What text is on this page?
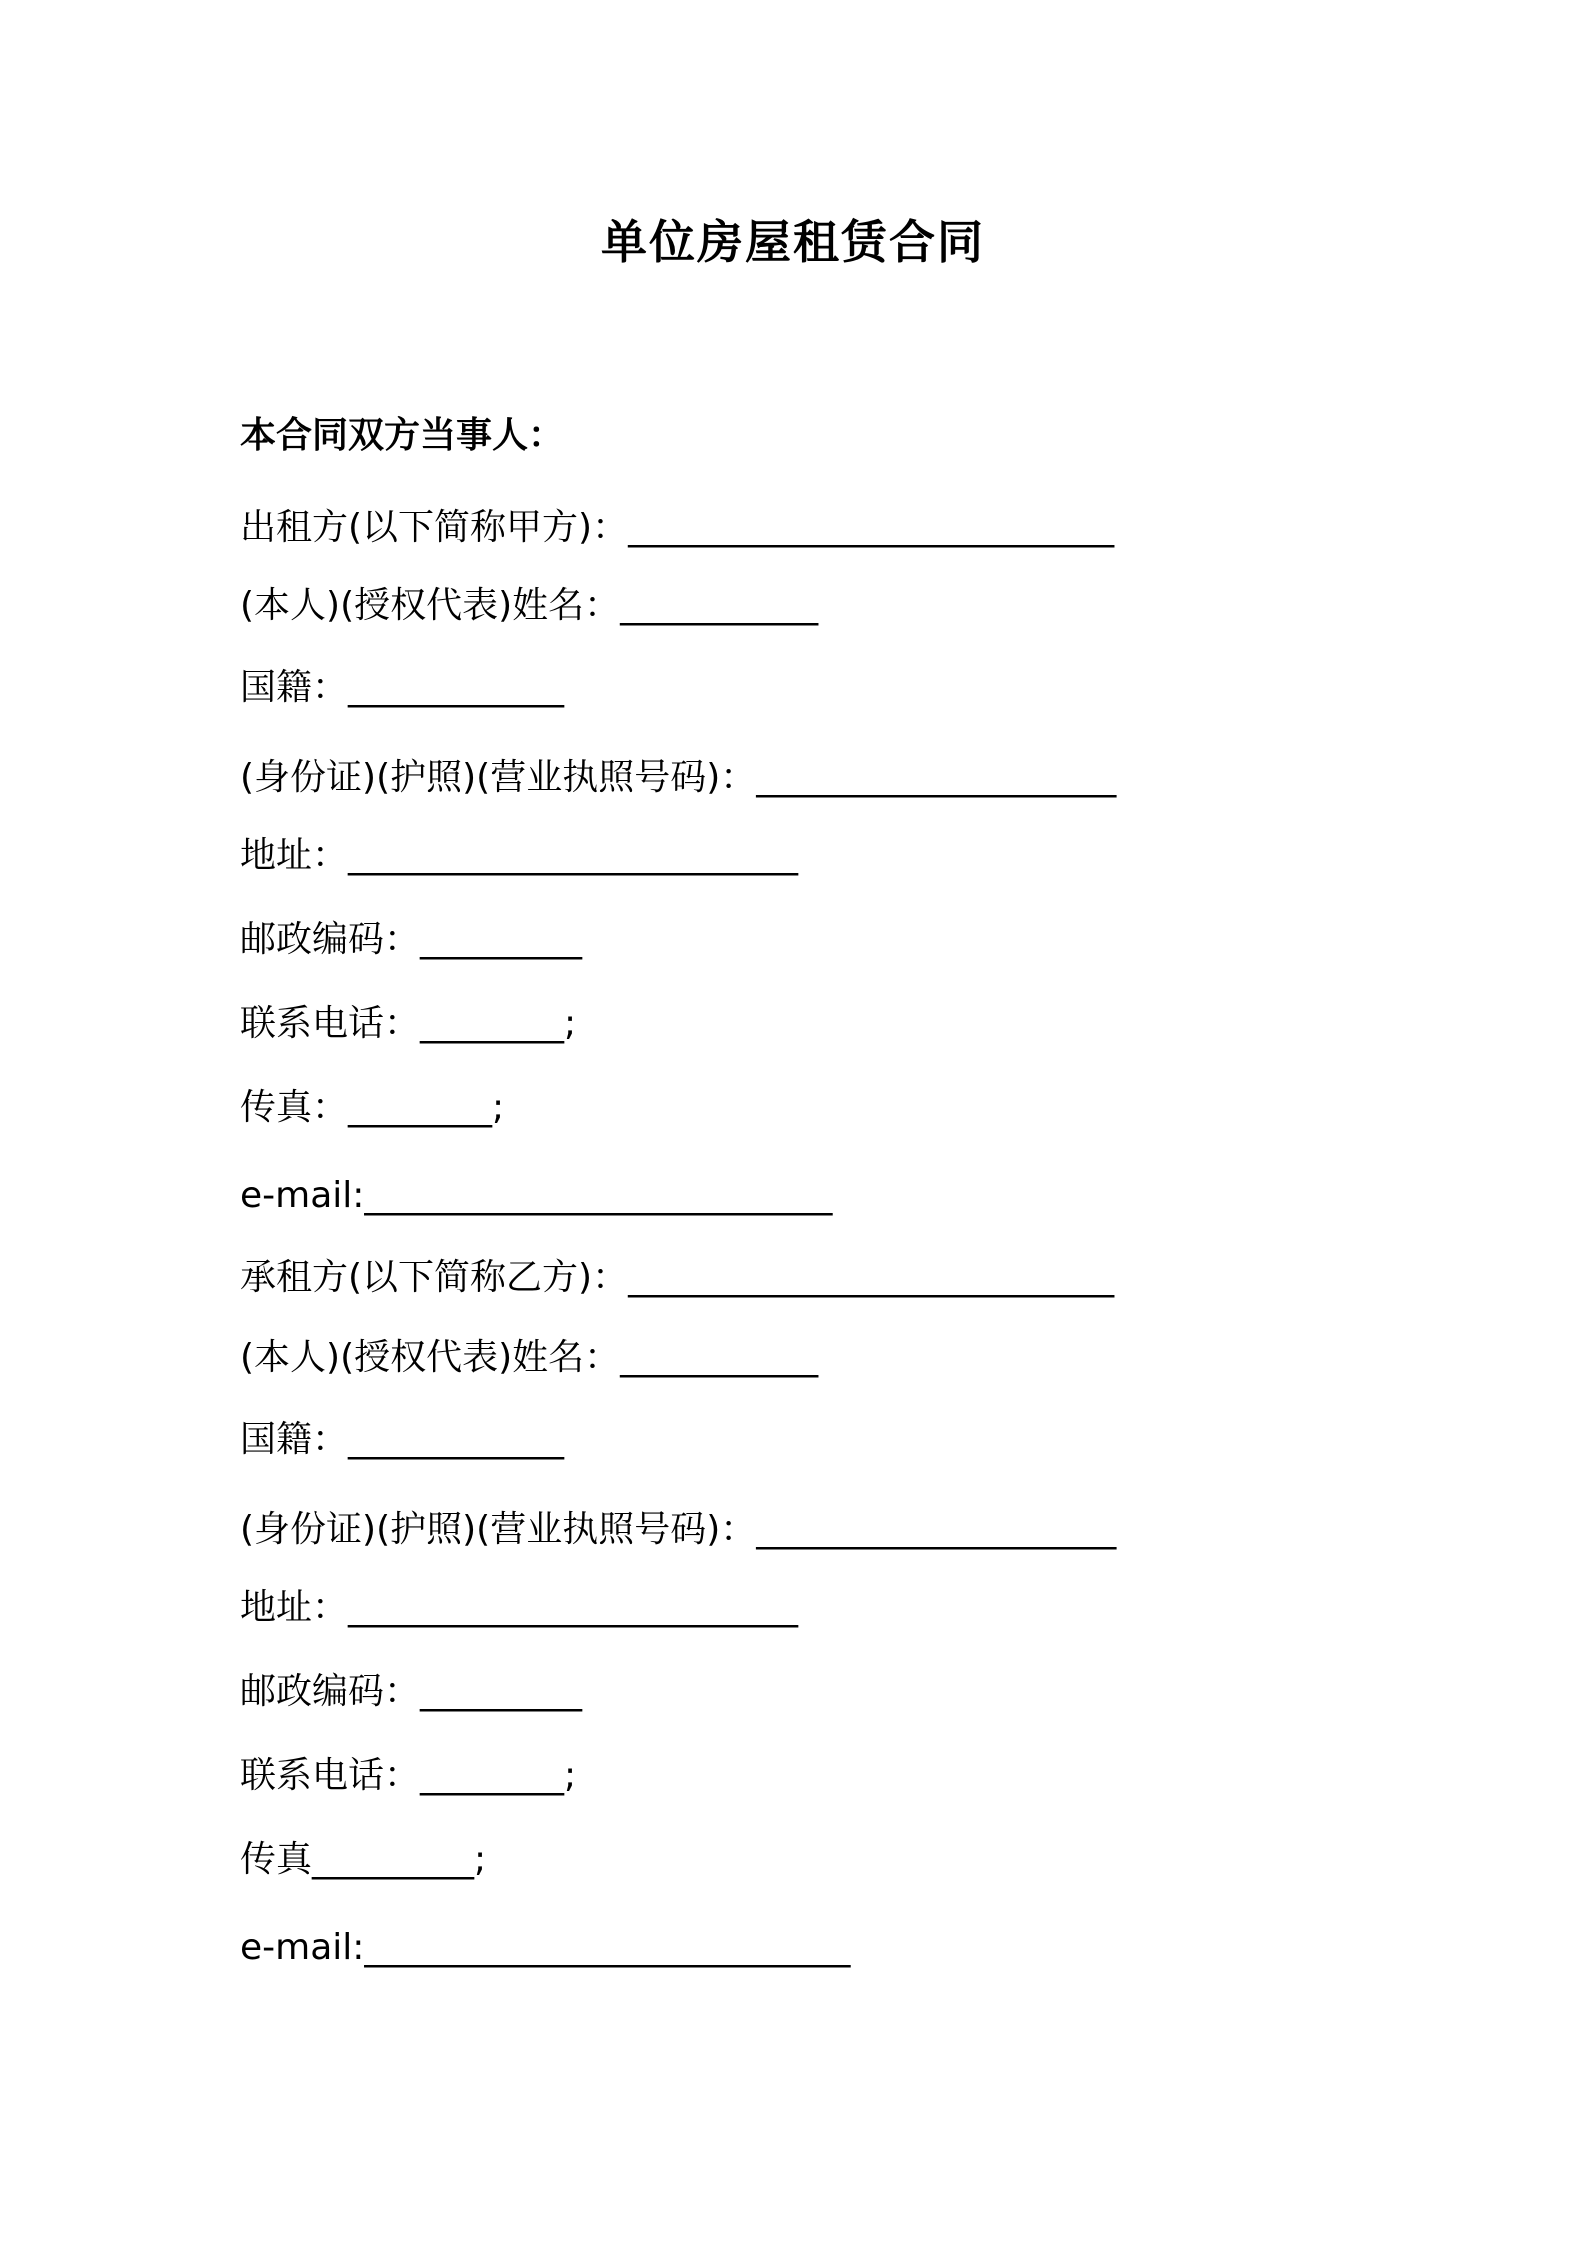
单位房屋租赁合同
本合同双方当事人：
出租方(以下简称甲方)：___________________________
(本人)(授权代表)姓名：___________
国籍：____________
(身份证)(护照)(营业执照号码)：____________________
地址：_________________________
邮政编码：_________
联系电话：________;
传真：________;
e-mail:__________________________
承租方(以下简称乙方)：___________________________
(本人)(授权代表)姓名：___________
国籍：____________
(身份证)(护照)(营业执照号码)：____________________
地址：_________________________
邮政编码：_________
联系电话：________;
传真_________;
e-mail:___________________________
